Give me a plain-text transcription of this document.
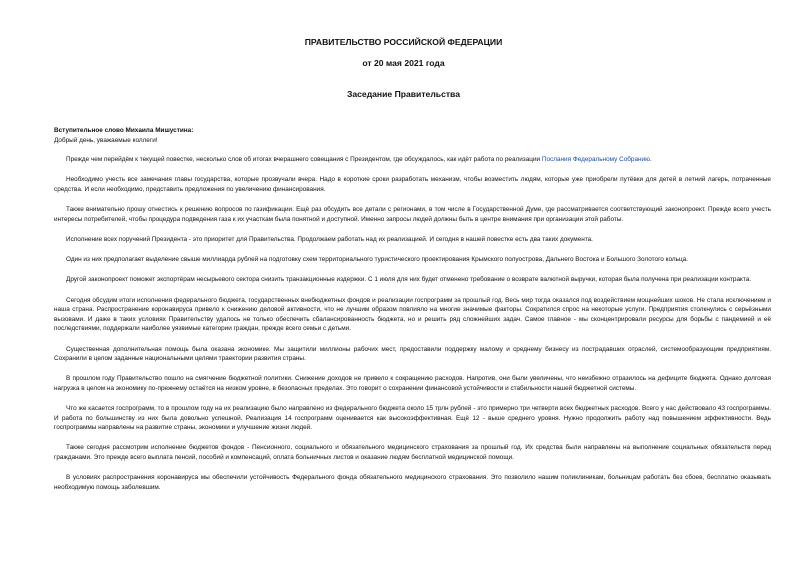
ПРАВИТЕЛЬСТВО РОССИЙСКОЙ ФЕДЕРАЦИИ
от 20 мая 2021 года
Заседание Правительства

Вступительное слово Михаила Мишустина:

Добрый день, уважаемые коллеги!

Прежде чем перейдём к текущей повестке, несколько слов об итогах вчерашнего совещания с Президентом, где обсуждалось, как идёт работа по реализации Послания Федеральному Собранию.

Необходимо учесть все замечания главы государства, которые прозвучали вчера. Надо в короткие сроки разработать механизм, чтобы возместить людям, которые уже приобрели путёвки для детей в летний лагерь, потраченные средства. И если необходимо, представить предложения по увеличению финансирования.

Также внимательно прошу отнестись к решению вопросов по газификации. Ещё раз обсудить все детали с регионами, в том числе в Государственной Думе, где рассматривается соответствующий законопроект. Прежде всего учесть интересы потребителей, чтобы процедура подведения газа к их участкам была понятной и доступной. Именно запросы людей должны быть в центре внимания при организации этой работы.

Исполнение всех поручений Президента - это приоритет для Правительства. Продолжаем работать над их реализацией. И сегодня в нашей повестке есть два таких документа.

Один из них предполагает выделение свыше миллиарда рублей на подготовку схем территориального туристического проектирования Крымского полуострова, Дальнего Востока и Большого Золотого кольца.

Другой законопроект поможет экспортёрам несырьевого сектора снизить транзакционные издержки. С 1 июля для них будет отменено требование о возврате валютной выручки, которая была получена при реализации контракта.

Сегодня обсудим итоги исполнения федерального бюджета, государственных внебюджетных фондов и реализации госпрограмм за прошлый год. Весь мир тогда оказался под воздействием мощнейших шоков. Не стала исключением и наша страна. Распространение коронавируса привело к снижению деловой активности, что не лучшим образом повлияло на многие значимые факторы. Сократился спрос на некоторые услуги. Предприятия столкнулись с серьёзными вызовами. И даже в таких условиях Правительству удалось не только обеспечить сбалансированность бюджета, но и решить ряд сложнейших задач. Самое главное - мы сконцентрировали ресурсы для борьбы с пандемией и её последствиями, поддержали наиболее уязвимые категории граждан, прежде всего семьи с детьми.

Существенная дополнительная помощь была оказана экономике. Мы защитили миллионы рабочих мест, предоставили поддержку малому и среднему бизнесу из пострадавших отраслей, системообразующим предприятиям. Сохранили в целом заданные национальными целями траектории развития страны.

В прошлом году Правительство пошло на смягчение бюджетной политики. Снижение доходов не привело к сокращению расходов. Напротив, они были увеличены, что неизбежно отразилось на дефиците бюджета. Однако долговая нагрузка в целом на экономику по-прежнему остаётся на низком уровне, в безопасных пределах. Это говорит о сохранении финансовой устойчивости и стабильности нашей бюджетной системы.

Что же касается госпрограмм, то в прошлом году на их реализацию было направлено из федерального бюджета около 15 трлн рублей - это примерно три четверти всех бюджетных расходов. Всего у нас действовало 43 госпрограммы. И работа по большинству из них была довольно успешной. Реализация 14 госпрограмм оценивается как высокоэффективная. Ещё 12 - выше среднего уровня. Нужно продолжить работу над повышением эффективности. Ведь госпрограммы направлены на развитие страны, экономики и улучшение жизни людей.

Также сегодня рассмотрим исполнение бюджетов фондов - Пенсионного, социального и обязательного медицинского страхования за прошлый год. Их средства были направлены на выполнение социальных обязательств перед гражданами. Это прежде всего выплата пенсий, пособий и компенсаций, оплата больничных листов и оказание людям бесплатной медицинской помощи.

В условиях распространения коронавируса мы обеспечили устойчивость Федерального фонда обязательного медицинского страхования. Это позволило нашим поликлиникам, больницам работать без сбоев, бесплатно оказывать необходимую помощь заболевшим.
